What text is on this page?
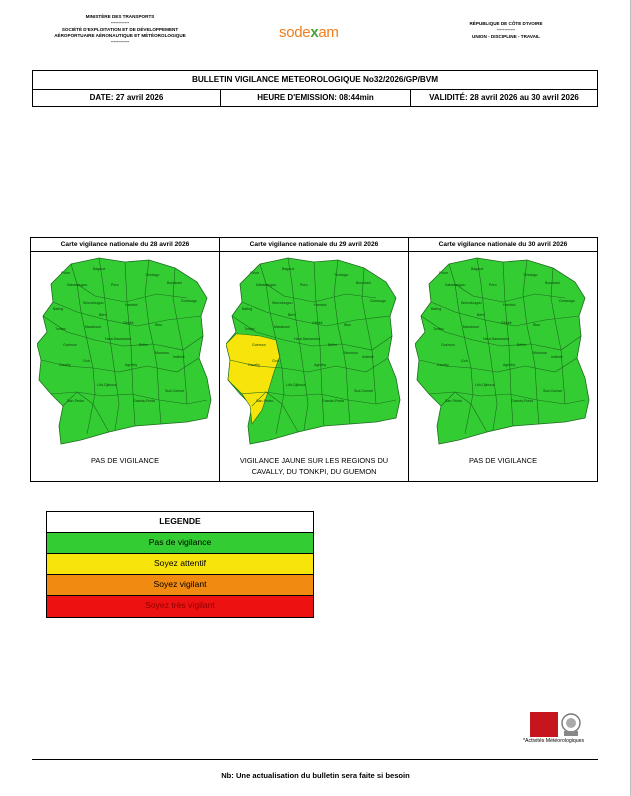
MINISTÈRE DES TRANSPORTS
------------
SOCIÉTÉ D'EXPLOITATION ET DE DÉVELOPPEMENT
AÉROPORTUAIRE AÉRONAUTIQUE ET MÉTÉOROLOGIQUE
------------
sodexam
RÉPUBLIQUE DE CÔTE D'IVOIRE
------------
UNION - DISCIPLINE - TRAVAIL
BULLETIN VIGILANCE METEOROLOGIQUE No32/2026/GP/BVM
DATE: 27 avril 2026	HEURE D'EMISSION: 08:44min	VALIDITÉ: 28 avril 2026 au 30 avril 2026
Carte vigilance nationale du 28 avril 2026
Folon
Bagoué
Tchologo
Kabadougou	Poro	Bounkani
Bafing
Worodougou	Hambol
Béré
Gontougo
Tonkpi	Marahoué
Gbêkê	Iffou
Guémon
Haut-Sassandra
Bélier
Moronou
Cavally
Goh
Agnéby
Indénié
San-Pédro
Sud-Comoé
Lôh-Djiboua
Grands-Ponts
PAS DE VIGILANCE
Carte vigilance nationale du 29 avril 2026
Folon
Bagoué
Tchologo
Kabadougou	Poro	Bounkani
Bafing
Worodougou	Hambol
Béré
Gontougo
Tonkpi	Marahoué
Gbêkê	Iffou
Guémon
Haut-Sassandra
Bélier
Moronou
Cavally
Goh
Agnéby
Indénié
San-Pédro
Sud-Comoé
Lôh-Djiboua
Grands-Ponts
VIGILANCE JAUNE SUR LES REGIONS DU CAVALLY, DU TONKPI, DU GUEMON
Carte vigilance nationale du 30 avril 2026
Folon
Bagoué
Tchologo
Kabadougou	Poro	Bounkani
Bafing
Worodougou	Hambol
Béré
Gontougo
Tonkpi	Marahoué
Gbêkê	Iffou
Guémon
Haut-Sassandra
Bélier
Moronou
Cavally
Goh
Agnéby
Indénié
San-Pédro
Sud-Comoé
Lôh-Djiboua
Grands-Ponts
PAS DE VIGILANCE
LEGENDE
Pas de vigilance
Soyez attentif
Soyez vigilant
Soyez très vigilant
*Activités Météorologiques
Nb: Une actualisation du bulletin sera faite si besoin
